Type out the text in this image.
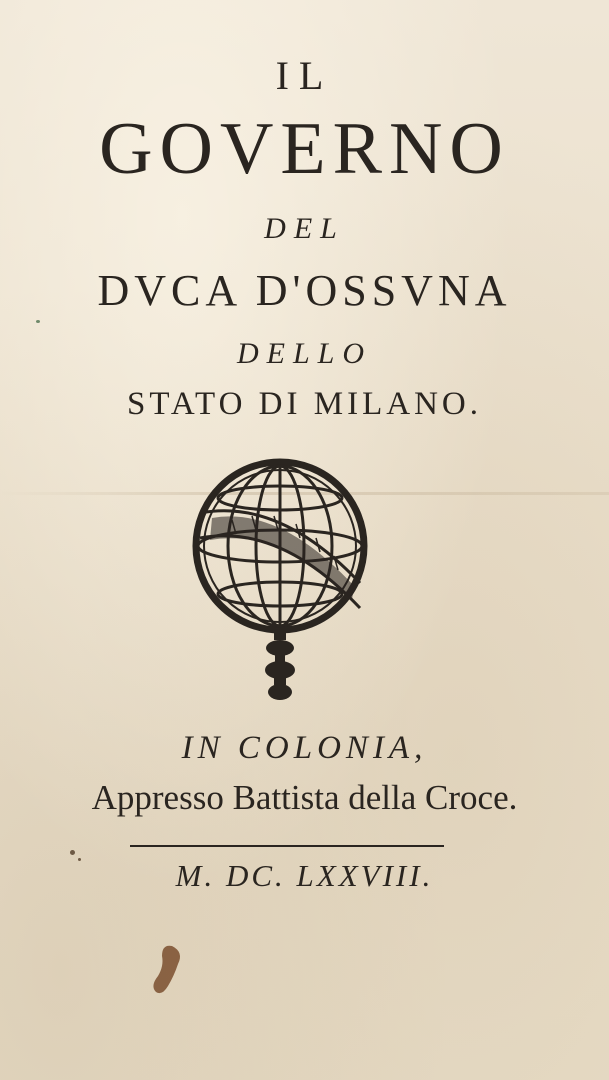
IL
GOVERNO
DEL
DVCA D'OSSVNA
DELLO
STATO DI MILANO.
IN COLONIA,
Appresso Battista della Croce.
M. DC. LXXVIII.
